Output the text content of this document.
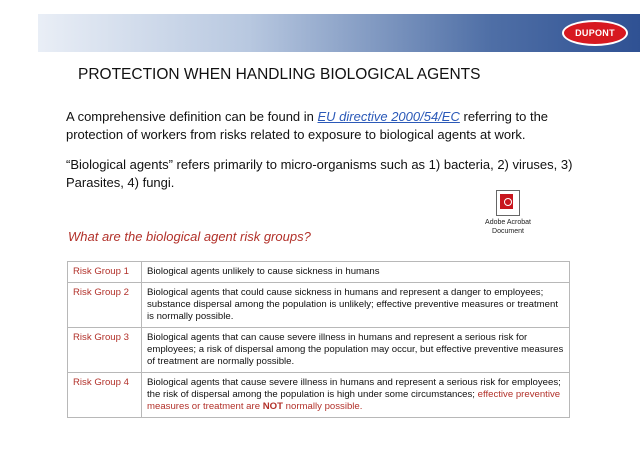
DUPONT
PROTECTION WHEN HANDLING BIOLOGICAL AGENTS
A comprehensive definition can be found in EU directive 2000/54/EC referring to the protection of workers from risks related to exposure to biological agents at work.
“Biological agents” refers primarily to micro-organisms such as 1) bacteria, 2) viruses, 3) Parasites, 4) fungi.
Adobe Acrobat
Document
What are the biological agent risk groups?
Risk Group 1	Biological agents unlikely to cause sickness in humans
Risk Group 2	Biological agents that could cause sickness in humans and represent a danger to employees; substance dispersal among the population is unlikely; effective preventive measures or treatment is normally possible.
Risk Group 3	Biological agents that can cause severe illness in humans and represent a serious risk for employees; a risk of dispersal among the population may occur, but effective preventive measures of treatment are normally possible.
Risk Group 4	Biological agents that cause severe illness in humans and represent a serious risk for employees; the risk of dispersal among the population is high under some circumstances; effective preventive measures or treatment are NOT normally possible.
